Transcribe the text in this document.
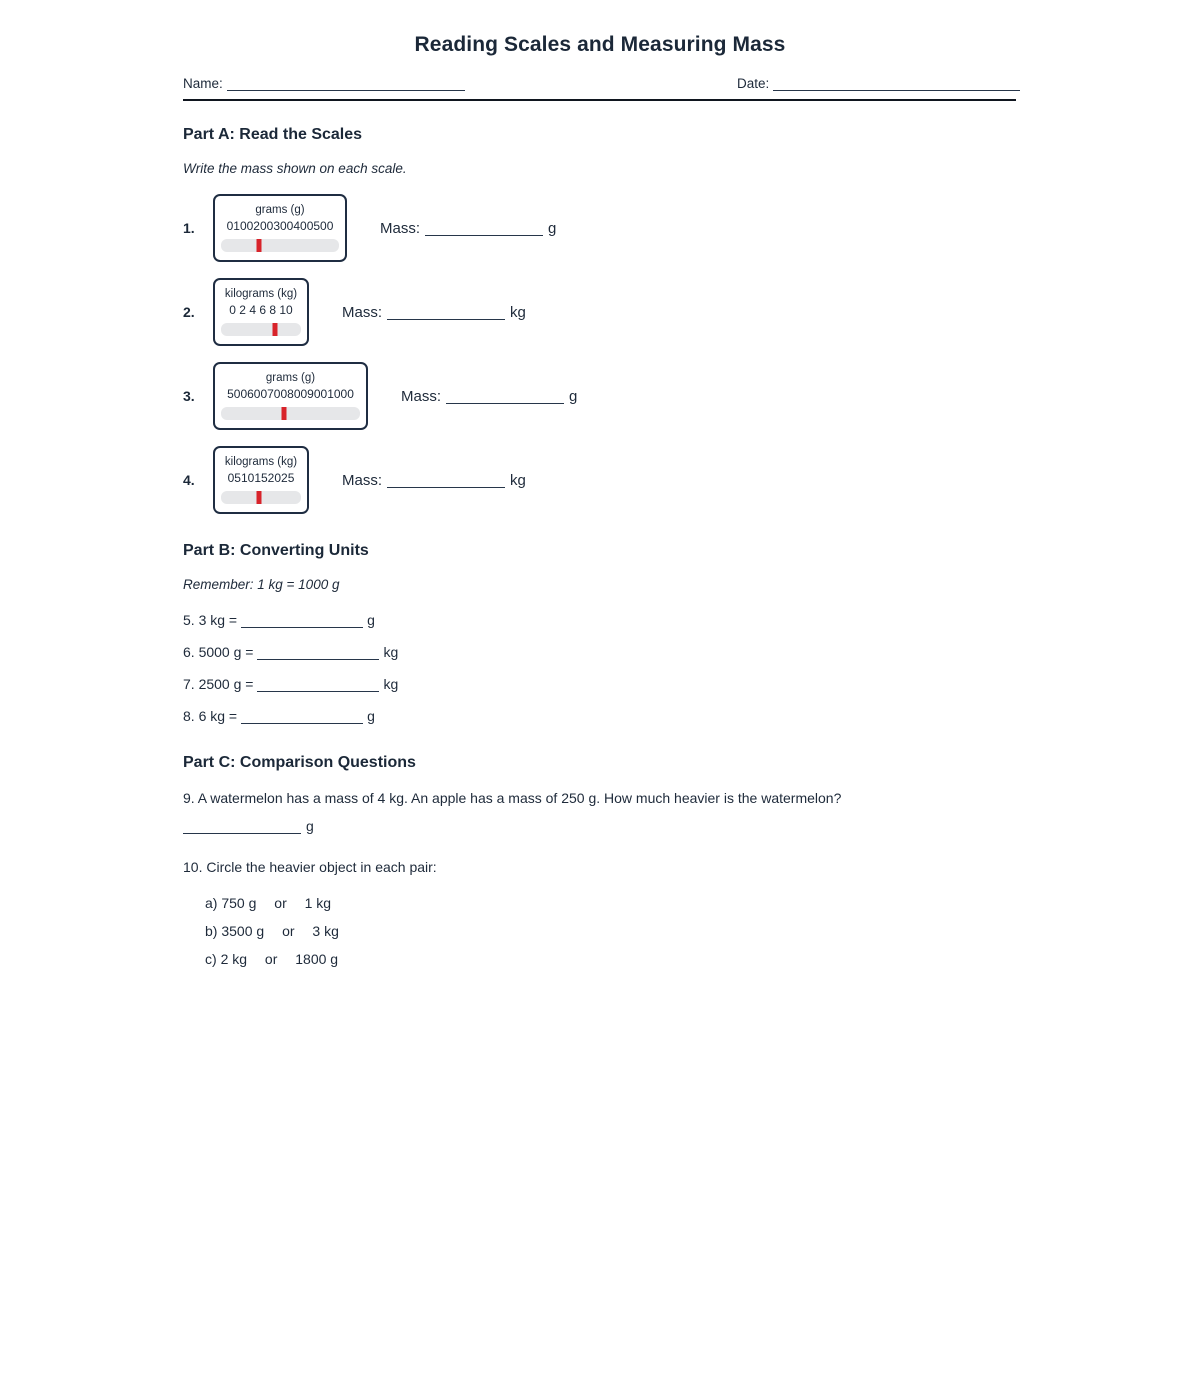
Reading Scales and Measuring Mass
Name:	Date:
Part A: Read the Scales
Write the mass shown on each scale.
1.
grams (g)
0100200300400500	Mass:	g
2.
kilograms (kg)
0 2 4 6 8 10	Mass:	kg
3.
grams (g)
5006007008009001000	Mass:	g
4.
kilograms (kg)
0510152025	Mass:	kg
Part B: Converting Units
Remember: 1 kg = 1000 g
5. 3 kg =	g
6. 5000 g =	kg
7. 2500 g =	kg
8. 6 kg =	g
Part C: Comparison Questions
9. A watermelon has a mass of 4 kg. An apple has a mass of 250 g. How much heavier is the watermelon?
g
10. Circle the heavier object in each pair:
a) 750 g or 1 kg
b) 3500 g or 3 kg
c) 2 kg or 1800 g
